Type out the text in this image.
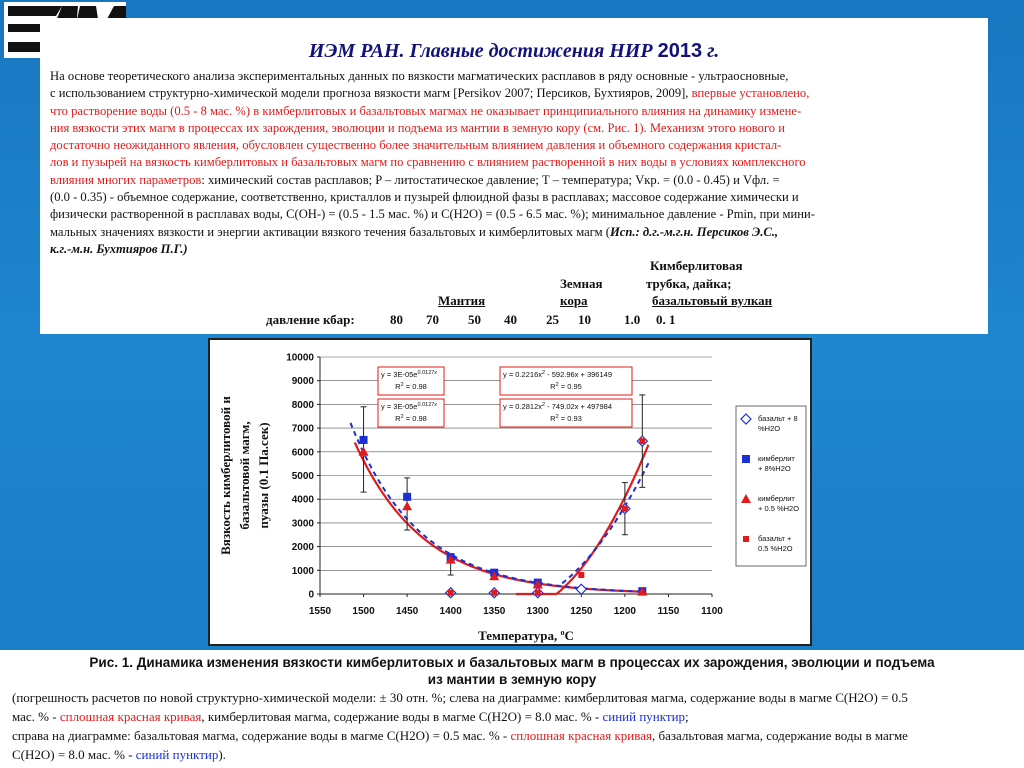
ИЭМ РАН. Главные достижения НИР 2013 г.
На основе теоретического анализа экспериментальных данных по вязкости магматических расплавов в ряду основные - ультраосновные,
с использованием структурно-химической модели прогноза вязкости магм [Persikov 2007; Персиков, Бухтияров, 2009], впервые установлено,
что растворение воды (0.5 - 8 мас. %) в кимберлитовых и базальтовых магмах не оказывает принципиального влияния на динамику измене-
ния вязкости этих магм в процессах их зарождения, эволюции и подъема из мантии в земную кору (см. Рис. 1). Механизм этого нового и
достаточно неожиданного явления, обусловлен существенно более значительным влиянием давления и объемного содержания кристал-
лов и пузырей на вязкость кимберлитовых и базальтовых магм по сравнению с влиянием растворенной в них воды в условиях комплексного
влияния многих параметров: химический состав расплавов; P – литостатическое давление; T – температура; Vкр. = (0.0 - 0.45) и Vфл. =
(0.0 - 0.35) - объемное содержание, соответственно, кристаллов и пузырей флюидной фазы в расплавах; массовое содержание химически и
физически растворенной в расплавах воды, C(OH-) = (0.5 - 1.5 мас. %) и C(H2O) = (0.5 - 6.5 мас. %); минимальное давление - Pmin, при мини-
мальных значениях вязкости и энергии активации вязкого течения базальтовых и кимберлитовых магм (Исп.: д.г.-м.г.н. Персиков Э.С.,
к.г.-м.н. Бухтияров П.Г.)
Кимберлитовая
Земная	трубка, дайка;
Мантия	кора	базальтовый вулкан
давление кбар:	80 70 50 40 25 10	1.0 0. 1
0
1000
2000
3000
4000
5000
6000
7000
8000
9000
10000
1550 1500 1450 1400 1350 1300 1250 1200 1150 1100
$y = 3E-05e^{0.0127x}$
$R^2 = 0.98$
$y = 3E-05e^{0.0127x}$
$R^2 = 0.98$
$y = 0.2216x^2 - 592.96x + 396149$
$R^2 = 0.95$
$y = 0.2812x^2 - 749.02x + 497984$
$R^2 = 0.93$	базальт + 8
%H2O
кимберлит
+ 8%H2O
кимберлит
+ 0.5 %H2O
базальт +
0.5 %H2O
Температура, $^o$C
Вязкость кимберлитовой и базальтовой магм, пуазы (0.1 Па.сек)
Рис. 1. Динамика изменения вязкости кимберлитовых и базальтовых магм в процессах их зарождения, эволюции и подъема
из мантии в земную кору
(погрешность расчетов по новой структурно-химической модели: ± 30 отн. %; слева на диаграмме: кимберлитовая магма, содержание воды в магме C(H2O) = 0.5
мас. % - сплошная красная кривая, кимберлитовая магма, содержание воды в магме C(H2O) = 8.0 мас. % - синий пунктир;
справа на диаграмме: базальтовая магма, содержание воды в магме C(H2O) = 0.5 мас. % - сплошная красная кривая, базальтовая магма, содержание воды в магме
C(H2O) = 8.0 мас. % - синий пунктир).
